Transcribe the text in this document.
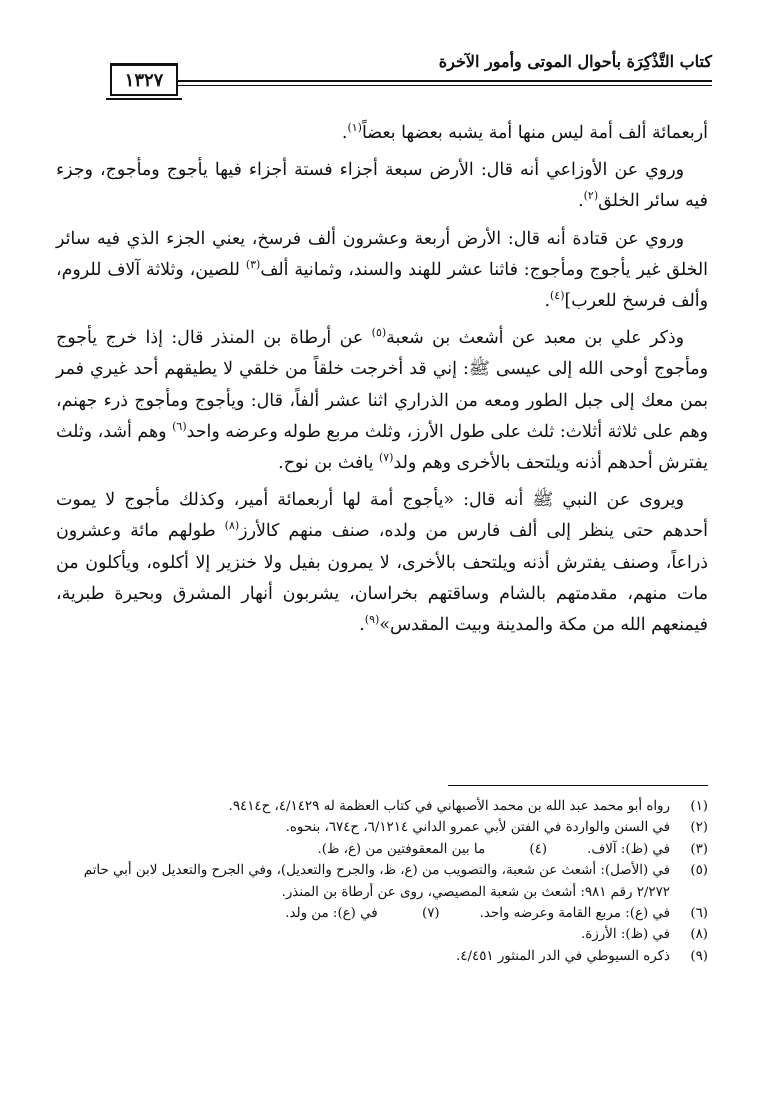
كتاب التَّذْكِرَة بأحوال الموتى وأمور الآخرة
١٣٢٧

أربعمائة ألف أمة ليس منها أمة يشبه بعضها بعضاً$^{(١)}$.

وروي عن الأوزاعي أنه قال: الأرض سبعة أجزاء فستة أجزاء فيها يأجوج ومأجوج، وجزء فيه سائر الخلق$^{(٢)}$.

وروي عن قتادة أنه قال: الأرض أربعة وعشرون ألف فرسخ، يعني الجزء الذي فيه سائر الخلق غير يأجوج ومأجوج: فاثنا عشر للهند والسند، وثمانية ألف$^{(٣)}$ للصين، وثلاثة آلاف للروم، وألف فرسخ للعرب]$^{(٤)}$.

وذكر علي بن معبد عن أشعث بن شعبة$^{(٥)}$ عن أرطاة بن المنذر قال: إذا خرج يأجوج ومأجوج أوحى الله إلى عيسى ﷺ: إني قد أخرجت خلقاً من خلقي لا يطيقهم أحد غيري فمر بمن معك إلى جبل الطور ومعه من الذراري اثنا عشر ألفاً، قال: ويأجوج ومأجوج ذرء جهنم، وهم على ثلاثة أثلاث: ثلث على طول الأرز، وثلث مربع طوله وعرضه واحد$^{(٦)}$ وهم أشد، وثلث يفترش أحدهم أذنه ويلتحف بالأخرى وهم ولد$^{(٧)}$ يافث بن نوح.

ويروى عن النبي ﷺ أنه قال: «يأجوج أمة لها أربعمائة أمير، وكذلك مأجوج لا يموت أحدهم حتى ينظر إلى ألف فارس من ولده، صنف منهم كالأرز$^{(٨)}$ طولهم مائة وعشرون ذراعاً، وصنف يفترش أذنه ويلتحف بالأخرى، لا يمرون بفيل ولا خنزير إلا أكلوه، ويأكلون من مات منهم، مقدمتهم بالشام وساقتهم بخراسان، يشربون أنهار المشرق وبحيرة طبرية، فيمنعهم الله من مكة والمدينة وبيت المقدس»$^{(٩)}$.

(١)
رواه أبو محمد عبد الله بن محمد الأصبهاني في كتاب العظمة له ٤/١٤٢٩، ح٩٤١٤.
(٢)
في السنن والواردة في الفتن لأبي عمرو الداني ٦/١٢١٤، ح٦٧٤، بنحوه.
(٣)
في (ظ): آلاف.
(٤) ما بين المعقوفتين من (ع، ظ).
(٥)
في (الأصل): أشعث عن شعبة، والتصويب من (ع، ظ، والجرح والتعديل)، وفي الجرح والتعديل لابن أبي حاتم ٢/٢٧٢ رقم ٩٨١: أشعث بن شعبة المصيصي، روى عن أرطاة بن المنذر.
(٦)
في (ع): مربع القامة وعرضه واحد.
(٧) في (ع): من ولد.
(٨)
في (ظ): الأرزة.
(٩)
ذكره السيوطي في الدر المنثور ٤/٤٥١.
